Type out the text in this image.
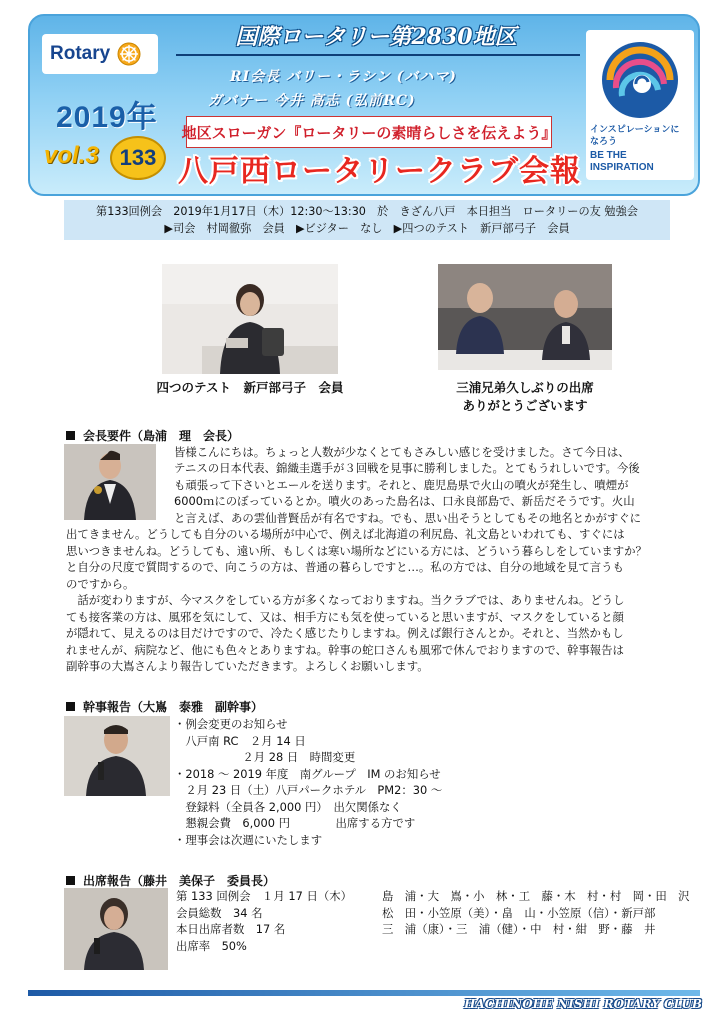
Rotary
国際ロータリー第2830地区
RI会長 バリー・ラシン (バハマ)
ガバナー 今井 高志 (弘前RC)
2019年
vol.3 133
地区スローガン『ロータリーの素晴らしさを伝えよう』
八戸西ロータリークラブ会報
インスピレーションに なろう
BE THE INSPIRATION
第133回例会　2019年1月17日（木）12:30～13:30　於　きざん八戸　本日担当　ロータリーの友 勉強会
▶司会　村岡徹弥　会員　▶ビジター　なし　▶四つのテスト　新戸部弓子　会員
四つのテスト　新戸部弓子　会員	三浦兄弟久しぶりの出席
ありがとうございます
会長要件（島浦　理　会長）
皆様こんにちは。ちょっと人数が少なくとてもさみしい感じを受けました。さて今日は、
テニスの日本代表、錦織圭選手が３回戦を見事に勝利しました。とてもうれしいです。今後
も頑張って下さいとエールを送ります。それと、鹿児島県で火山の噴火が発生し、噴煙が
6000ｍにのぼっているとか。噴火のあった島名は、口永良部島で、新岳だそうです。火山
と言えば、あの雲仙普賢岳が有名ですね。でも、思い出そうとしてもその地名とかがすぐに
出てきません。どうしても自分のいる場所が中心で、例えば北海道の利尻島、礼文島といわれても、すぐには
思いつきませんね。どうしても、遠い所、もしくは寒い場所などにいる方には、どういう暮らしをしていますか？
と自分の尺度で質問するので、向こうの方は、普通の暮らしですと…。私の方では、自分の地域を見て言うも
のですから。
　話が変わりますが、今マスクをしている方が多くなっておりますね。当クラブでは、ありませんね。どうし
ても接客業の方は、風邪を気にして、又は、相手方にも気を使っていると思いますが、マスクをしていると顔
が隠れて、見えるのは目だけですので、冷たく感じたりしますね。例えば銀行さんとか。それと、当然かもし
れませんが、病院など、他にも色々とありますね。幹事の蛇口さんも風邪で休んでおりますので、幹事報告は
副幹事の大嶌さんより報告していただきます。よろしくお願いします。
幹事報告（大嶌　泰雅　副幹事）
・例会変更のお知らせ
　八戸南 RC　２月 14 日
　　　　　　２月 28 日　時間変更
・2018 ～ 2019 年度　南グループ　IM のお知らせ
　２月 23 日（土）八戸パークホテル　PM2：30 ～
　登録料（全員各 2,000 円）　出欠関係なく
　懇親会費　6,000 円　　　　出席する方です
・理事会は次週にいたします
出席報告（藤井　美保子　委員長）
第 133 回例会　１月 17 日（木）
会員総数　34 名
本日出席者数　17 名
出席率　50%
島　浦・大　嶌・小　林・工　藤・木　村・村　岡・田　沢
松　田・小笠原（美）・畠　山・小笠原（信）・新戸部
三　浦（康）・三　浦（健）・中　村・紺　野・藤　井
HACHINOHE NISHI ROTARY CLUB
